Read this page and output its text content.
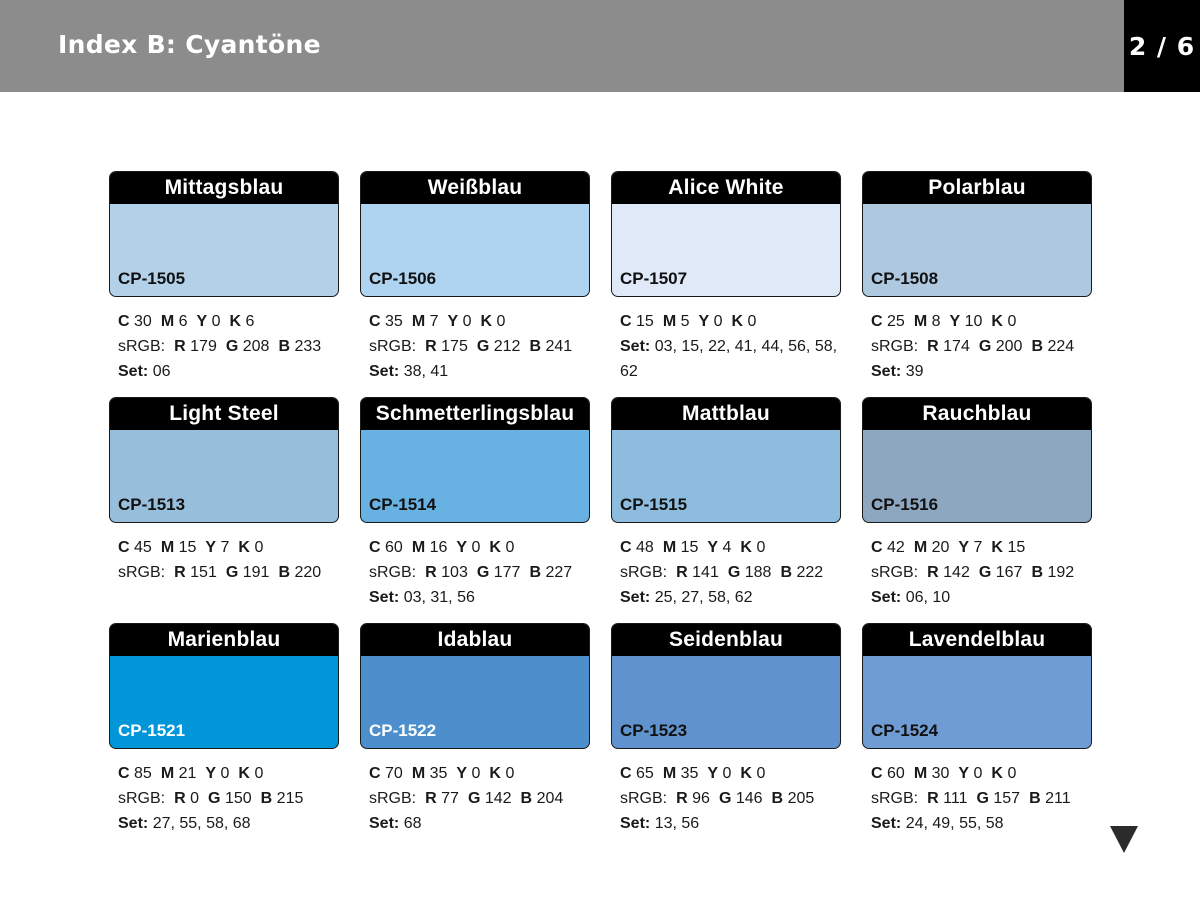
Index B: Cyantöne	2 / 6
Mittagsblau
CP-1505
C 30 M 6 Y 0 K 6
sRGB: R 179 G 208 B 233
Set: 06
Weißblau
CP-1506
C 35 M 7 Y 0 K 0
sRGB: R 175 G 212 B 241
Set: 38, 41
Alice White
CP-1507
C 15 M 5 Y 0 K 0
Set: 03, 15, 22, 41, 44, 56, 58, 62
Polarblau
CP-1508
C 25 M 8 Y 10 K 0
sRGB: R 174 G 200 B 224
Set: 39
Light Steel
CP-1513
C 45 M 15 Y 7 K 0
sRGB: R 151 G 191 B 220
Schmetterlingsblau
CP-1514
C 60 M 16 Y 0 K 0
sRGB: R 103 G 177 B 227
Set: 03, 31, 56
Mattblau
CP-1515
C 48 M 15 Y 4 K 0
sRGB: R 141 G 188 B 222
Set: 25, 27, 58, 62
Rauchblau
CP-1516
C 42 M 20 Y 7 K 15
sRGB: R 142 G 167 B 192
Set: 06, 10
Marienblau
CP-1521
C 85 M 21 Y 0 K 0
sRGB: R 0 G 150 B 215
Set: 27, 55, 58, 68
Idablau
CP-1522
C 70 M 35 Y 0 K 0
sRGB: R 77 G 142 B 204
Set: 68
Seidenblau
CP-1523
C 65 M 35 Y 0 K 0
sRGB: R 96 G 146 B 205
Set: 13, 56
Lavendelblau
CP-1524
C 60 M 30 Y 0 K 0
sRGB: R 111 G 157 B 211
Set: 24, 49, 55, 58
